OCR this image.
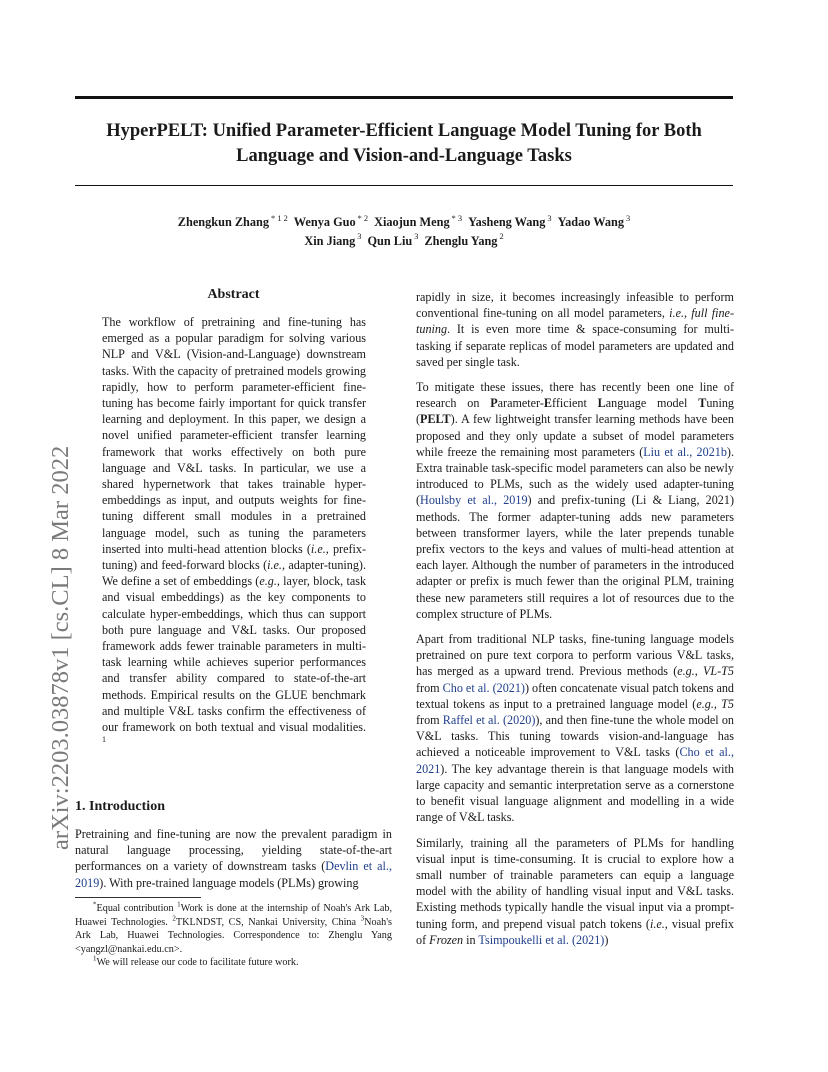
HyperPELT: Unified Parameter-Efficient Language Model Tuning for Both
Language and Vision-and-Language Tasks
Zhengkun Zhang $^{* 1 2}$ Wenya Guo $^{* 2}$ Xiaojun Meng $^{* 3}$ Yasheng Wang $^3$ Yadao Wang $^3$
Xin Jiang $^3$ Qun Liu $^3$ Zhenglu Yang $^2$
arXiv:2203.03878v1 [cs.CL] 8 Mar 2022
Abstract

The workflow of pretraining and fine-tuning has emerged as a popular paradigm for solving various NLP and V&L (Vision-and-Language) downstream tasks. With the capacity of pretrained models growing rapidly, how to perform parameter-efficient fine-tuning has become fairly important for quick transfer learning and deployment. In this paper, we design a novel unified parameter-efficient transfer learning framework that works effectively on both pure language and V&L tasks. In particular, we use a shared hypernetwork that takes trainable hyper-embeddings as input, and outputs weights for fine-tuning different small modules in a pretrained language model, such as tuning the parameters inserted into multi-head attention blocks (i.e., prefix-tuning) and feed-forward blocks (i.e., adapter-tuning). We define a set of embeddings (e.g., layer, block, task and visual embeddings) as the key components to calculate hyper-embeddings, which thus can support both pure language and V&L tasks. Our proposed framework adds fewer trainable parameters in multi-task learning while achieves superior performances and transfer ability compared to state-of-the-art methods. Empirical results on the GLUE benchmark and multiple V&L tasks confirm the effectiveness of our framework on both textual and visual modalities. $^1$

1. Introduction

Pretraining and fine-tuning are now the prevalent paradigm in natural language processing, yielding state-of-the-art performances on a variety of downstream tasks (Devlin et al., 2019). With pre-trained language models (PLMs) growing

*Equal contribution $^1$Work is done at the internship of Noah's Ark Lab, Huawei Technologies. $^2$TKLNDST, CS, Nankai University, China $^3$Noah's Ark Lab, Huawei Technologies. Correspondence to: Zhenglu Yang <yangzl@nankai.edu.cn>.

$^1$We will release our code to facilitate future work.

rapidly in size, it becomes increasingly infeasible to perform conventional fine-tuning on all model parameters, i.e., full fine-tuning. It is even more time & space-consuming for multi-tasking if separate replicas of model parameters are updated and saved per single task.

To mitigate these issues, there has recently been one line of research on Parameter-Efficient Language model Tuning (PELT). A few lightweight transfer learning methods have been proposed and they only update a subset of model parameters while freeze the remaining most parameters (Liu et al., 2021b). Extra trainable task-specific model parameters can also be newly introduced to PLMs, such as the widely used adapter-tuning (Houlsby et al., 2019) and prefix-tuning (Li & Liang, 2021) methods. The former adapter-tuning adds new parameters between transformer layers, while the later prepends tunable prefix vectors to the keys and values of multi-head attention at each layer. Although the number of parameters in the introduced adapter or prefix is much fewer than the original PLM, training these new parameters still requires a lot of resources due to the complex structure of PLMs.

Apart from traditional NLP tasks, fine-tuning language models pretrained on pure text corpora to perform various V&L tasks, has merged as a upward trend. Previous methods (e.g., VL-T5 from Cho et al. (2021)) often concatenate visual patch tokens and textual tokens as input to a pretrained language model (e.g., T5 from Raffel et al. (2020)), and then fine-tune the whole model on V&L tasks. This tuning towards vision-and-language has achieved a noticeable improvement to V&L tasks (Cho et al., 2021). The key advantage therein is that language models with large capacity and semantic interpretation serve as a cornerstone to benefit visual language alignment and modelling in a wide range of V&L tasks.

Similarly, training all the parameters of PLMs for handling visual input is time-consuming. It is crucial to explore how a small number of trainable parameters can equip a language model with the ability of handling visual input and V&L tasks. Existing methods typically handle the visual input via a prompt-tuning form, and prepend visual patch tokens (i.e., visual prefix of Frozen in Tsimpoukelli et al. (2021))
